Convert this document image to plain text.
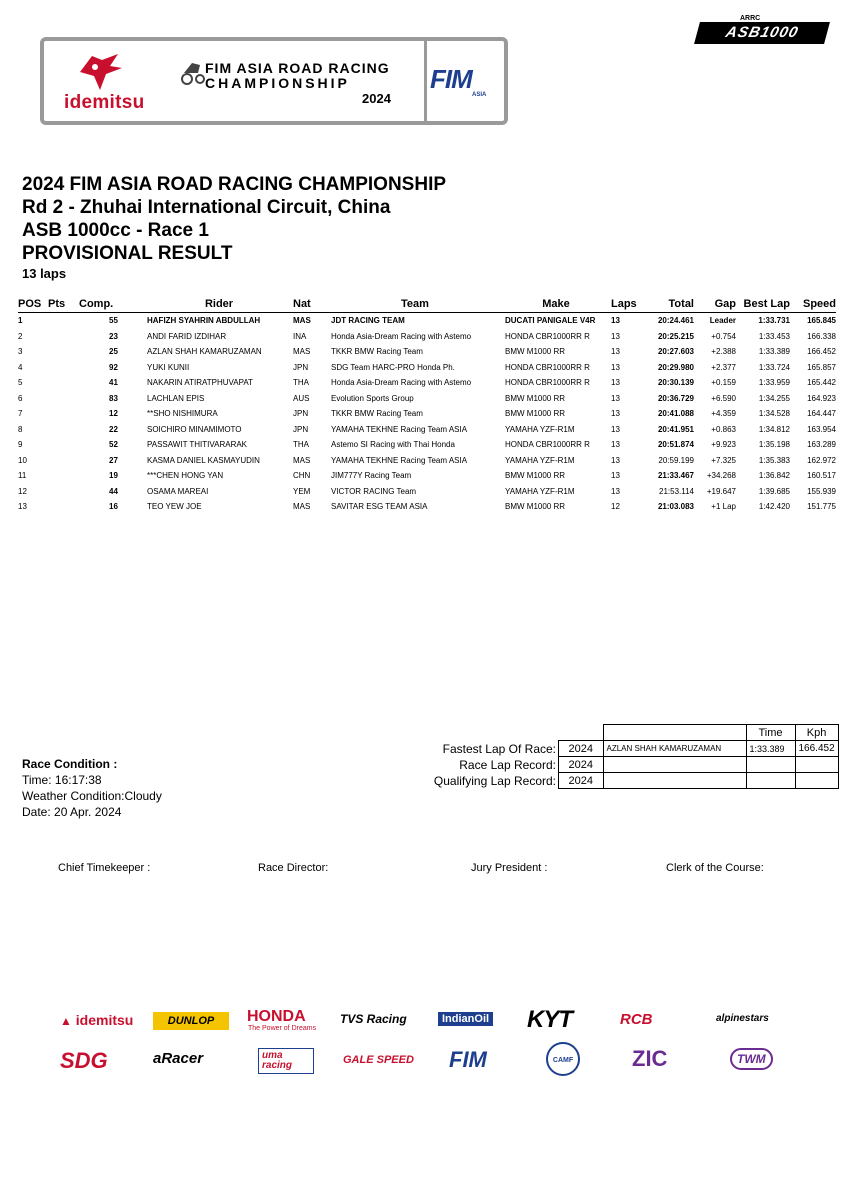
idemitsu
FIM ASIA ROAD RACING
CHAMPIONSHIP
2024
FIM
ASIA
ARRC
ASB1000
2024 FIM ASIA ROAD RACING CHAMPIONSHIP
Rd 2 - Zhuhai International Circuit, China
ASB 1000cc - Race 1
PROVISIONAL RESULT
13 laps
POS	Pts	Comp.	Rider	Nat	Team	Make	Laps	Total	Gap	Best Lap	Speed
1		55	HAFIZH SYAHRIN ABDULLAH	MAS	JDT RACING TEAM	DUCATI PANIGALE V4R	13	20:24.461	Leader	1:33.731	165.845
2		23	ANDI FARID IZDIHAR	INA	Honda Asia-Dream Racing with Astemo	HONDA CBR1000RR R	13	20:25.215	+0.754	1:33.453	166.338
3		25	AZLAN SHAH KAMARUZAMAN	MAS	TKKR BMW Racing Team	BMW M1000 RR	13	20:27.603	+2.388	1:33.389	166.452
4		92	YUKI KUNII	JPN	SDG Team HARC-PRO Honda Ph.	HONDA CBR1000RR R	13	20:29.980	+2.377	1:33.724	165.857
5		41	NAKARIN ATIRATPHUVAPAT	THA	Honda Asia-Dream Racing with Astemo	HONDA CBR1000RR R	13	20:30.139	+0.159	1:33.959	165.442
6		83	LACHLAN EPIS	AUS	Evolution Sports Group	BMW M1000 RR	13	20:36.729	+6.590	1:34.255	164.923
7		12	**SHO NISHIMURA	JPN	TKKR BMW Racing Team	BMW M1000 RR	13	20:41.088	+4.359	1:34.528	164.447
8		22	SOICHIRO MINAMIMOTO	JPN	YAMAHA TEKHNE Racing Team ASIA	YAMAHA YZF-R1M	13	20:41.951	+0.863	1:34.812	163.954
9		52	PASSAWIT THITIVARARAK	THA	Astemo SI Racing with Thai Honda	HONDA CBR1000RR R	13	20:51.874	+9.923	1:35.198	163.289
10		27	KASMA DANIEL KASMAYUDIN	MAS	YAMAHA TEKHNE Racing Team ASIA	YAMAHA YZF-R1M	13	20:59.199	+7.325	1:35.383	162.972
11		19	***CHEN HONG YAN	CHN	JIM777Y Racing Team	BMW M1000 RR	13	21:33.467	+34.268	1:36.842	160.517
12		44	OSAMA MAREAI	YEM	VICTOR RACING Team	YAMAHA YZF-R1M	13	21:53.114	+19.647	1:39.685	155.939
13		16	TEO YEW JOE	MAS	SAVITAR ESG TEAM ASIA	BMW M1000 RR	12	21:03.083	+1 Lap	1:42.420	151.775
Race Condition :
Time: 16:17:38
Weather Condition:Cloudy
Date: 20 Apr. 2024
Fastest Lap Of Race:
Race Lap Record:
Qualifying Lap Record:
		Time	Kph
2024	AZLAN SHAH KAMARUZAMAN	1:33.389	166.452
2024			
2024			
Chief Timekeeper :	Race Director:	Jury President :	Clerk of the Course:
▲ idemitsu	DUNLOP	HONDA
The Power of Dreams
TVS Racing	IndianOil KYT	RCB	alpinestars
SDG	aRacer	uma racing	GALE SPEED FIM	CAMF	ZIC	TWM
